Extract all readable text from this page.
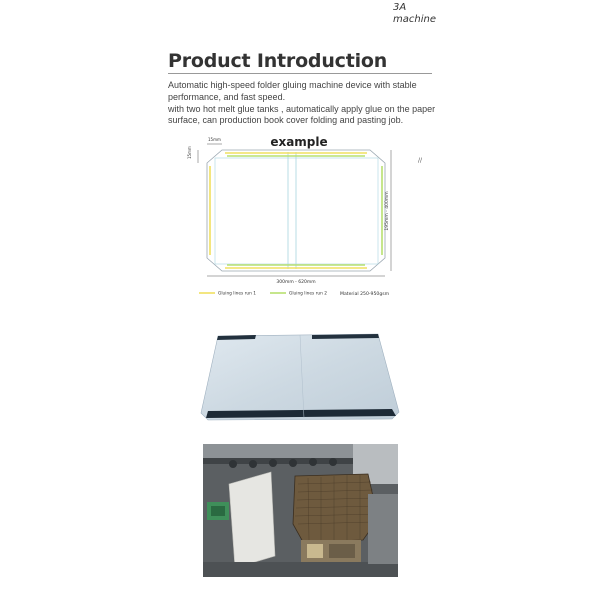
3A
machine
Product Introduction

Automatic high-speed folder gluing machine device with stable performance, and fast speed.

with two hot melt glue tanks , automatically apply glue on the paper surface, can production book cover folding and pasting job.

15mm
15mm
example
195mm - 400mm
300mm - 620mm
Gluing lines run 1	Gluing lines run 2	Material 250-950gsm
//
